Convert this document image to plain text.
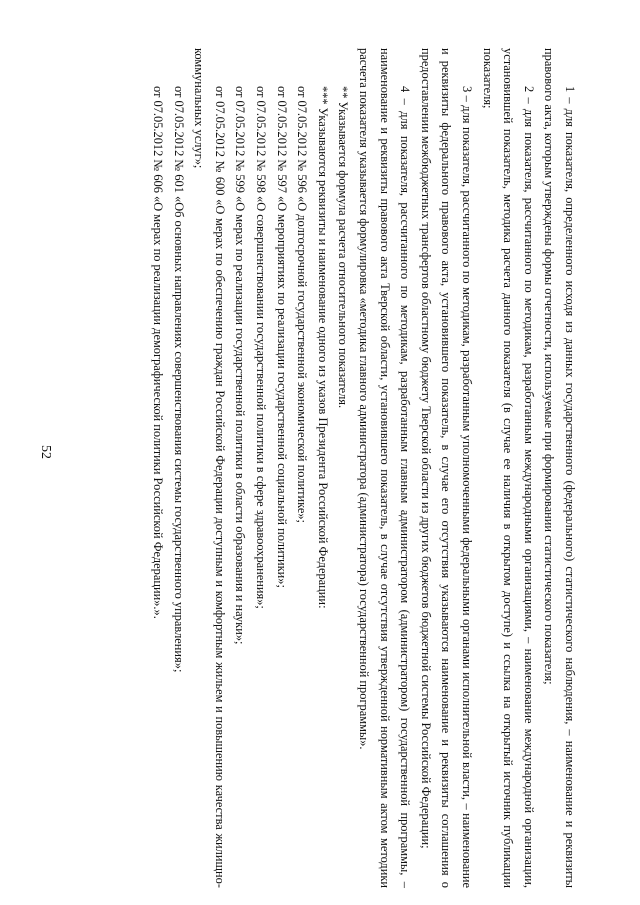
52	1 – для показателя, определенного исходя из данных государственного (федерального) статистического наблюдения, – наименование и реквизиты правового акта, которым утверждены формы отчетности, используемые при формировании статистического показателя;

2 – для показателя, рассчитанного по методикам, разработанным международными организациями, – наименование международной организации, установившей показатель, методика расчета данного показателя (в случае ее наличия в открытом доступе) и ссылка на открытый источник публикации показателя;

3 – для показателя, рассчитанного по методикам, разработанным уполномоченными федеральными органами исполнительной власти, – наименование и реквизиты федерального правового акта, установившего показатель, в случае его отсутствия указываются наименование и реквизиты соглашения о предоставлении межбюджетных трансфертов областному бюджету Тверской области из других бюджетов бюджетной системы Российской Федерации;

4 – для показателя, рассчитанного по методикам, разработанным главным администратором (администратором) государственной программы, – наименование и реквизиты правового акта Тверской области, установившего показатель, в случае отсутствия утвержденной нормативным актом методики расчета показателя указывается формулировка «методика главного администратора (администратора) государственной программы».

** Указывается формула расчета относительного показателя.

*** Указываются реквизиты и наименование одного из указов Президента Российской Федерации:

от 07.05.2012 № 596 «О долгосрочной государственной экономической политике»;

от 07.05.2012 № 597 «О мероприятиях по реализации государственной социальной политики»;

от 07.05.2012 № 598 «О совершенствовании государственной политики в сфере здравоохранения»;

от 07.05.2012 № 599 «О мерах по реализации государственной политики в области образования и науки»;

от 07.05.2012 № 600 «О мерах по обеспечению граждан Российской Федерации доступным и комфортным жильем и повышению качества жилищно-коммунальных услуг»;

от 07.05.2012 № 601 «Об основных направлениях совершенствования системы государственного управления»;

от 07.05.2012 № 606 «О мерах по реализации демографической политики Российской Федерации».».
